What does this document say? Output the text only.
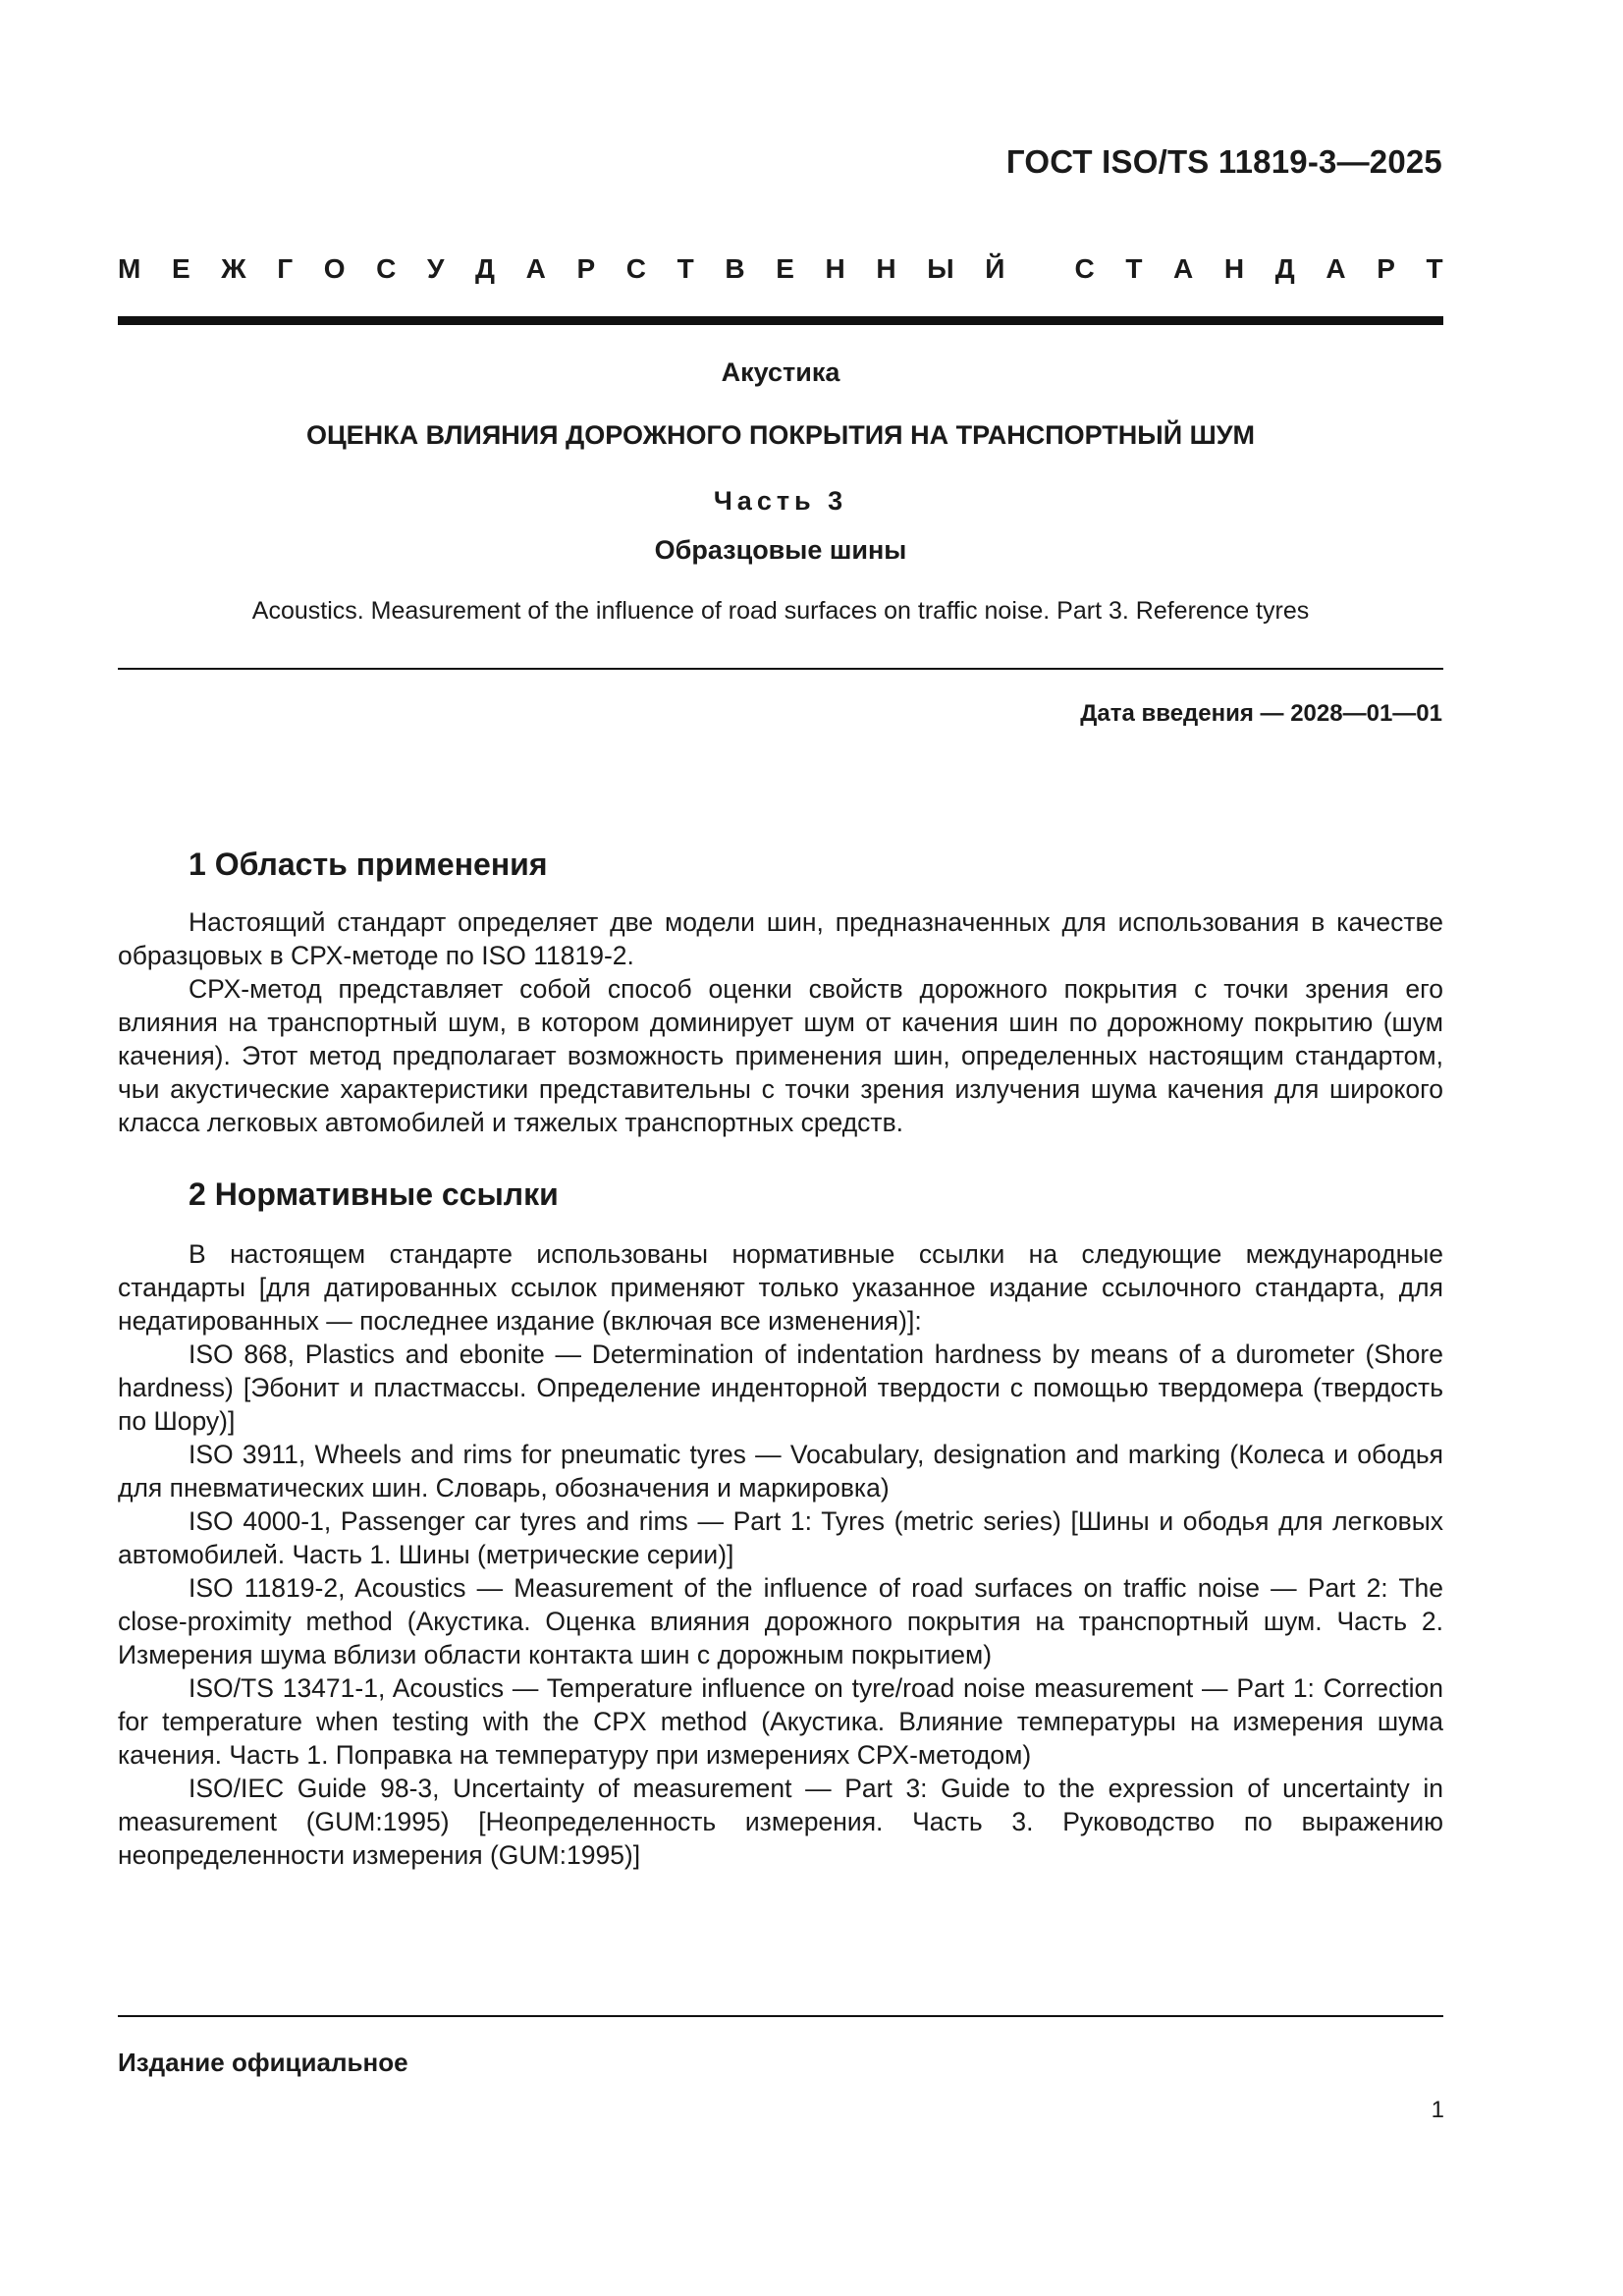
ГОСТ ISO/TS 11819-3—2025
М Е Ж Г О С У Д А Р С Т В Е Н Н Ы Й
	С Т А Н Д А Р Т
Акустика
ОЦЕНКА ВЛИЯНИЯ ДОРОЖНОГО ПОКРЫТИЯ НА ТРАНСПОРТНЫЙ ШУМ
Часть 3
Образцовые шины
Acoustics. Measurement of the influence of road surfaces on traffic noise. Part 3. Reference tyres
Дата введения — 2028—01—01
1 Область применения

Настоящий стандарт определяет две модели шин, предназначенных для использования в качестве образцовых в СРХ-методе по ISO 11819-2.

СРХ-метод представляет собой способ оценки свойств дорожного покрытия с точки зрения его влияния на транспортный шум, в котором доминирует шум от качения шин по дорожному покрытию (шум качения). Этот метод предполагает возможность применения шин, определенных настоящим стандартом, чьи акустические характеристики представительны с точки зрения излучения шума качения для широкого класса легковых автомобилей и тяжелых транспортных средств.

2 Нормативные ссылки

В настоящем стандарте использованы нормативные ссылки на следующие международные стандарты [для датированных ссылок применяют только указанное издание ссылочного стандарта, для недатированных — последнее издание (включая все изменения)]:

ISO 868, Plastics and ebonite — Determination of indentation hardness by means of a durometer (Shore hardness) [Эбонит и пластмассы. Определение инденторной твердости с помощью твердомера (твердость по Шору)]

ISO 3911, Wheels and rims for pneumatic tyres — Vocabulary, designation and marking (Колеса и ободья для пневматических шин. Словарь, обозначения и маркировка)

ISO 4000-1, Passenger car tyres and rims — Part 1: Tyres (metric series) [Шины и ободья для легковых автомобилей. Часть 1. Шины (метрические серии)]

ISO 11819-2, Acoustics — Measurement of the influence of road surfaces on traffic noise — Part 2: The close-proximity method (Акустика. Оценка влияния дорожного покрытия на транспортный шум. Часть 2. Измерения шума вблизи области контакта шин с дорожным покрытием)

ISO/TS 13471-1, Acoustics — Temperature influence on tyre/road noise measurement — Part 1: Correction for temperature when testing with the CPX method (Акустика. Влияние температуры на измерения шума качения. Часть 1. Поправка на температуру при измерениях СРХ-методом)

ISO/IEC Guide 98-3, Uncertainty of measurement — Part 3: Guide to the expression of uncertainty in measurement (GUM:1995) [Неопределенность измерения. Часть 3. Руководство по выражению неопределенности измерения (GUM:1995)]

Издание официальное
1
